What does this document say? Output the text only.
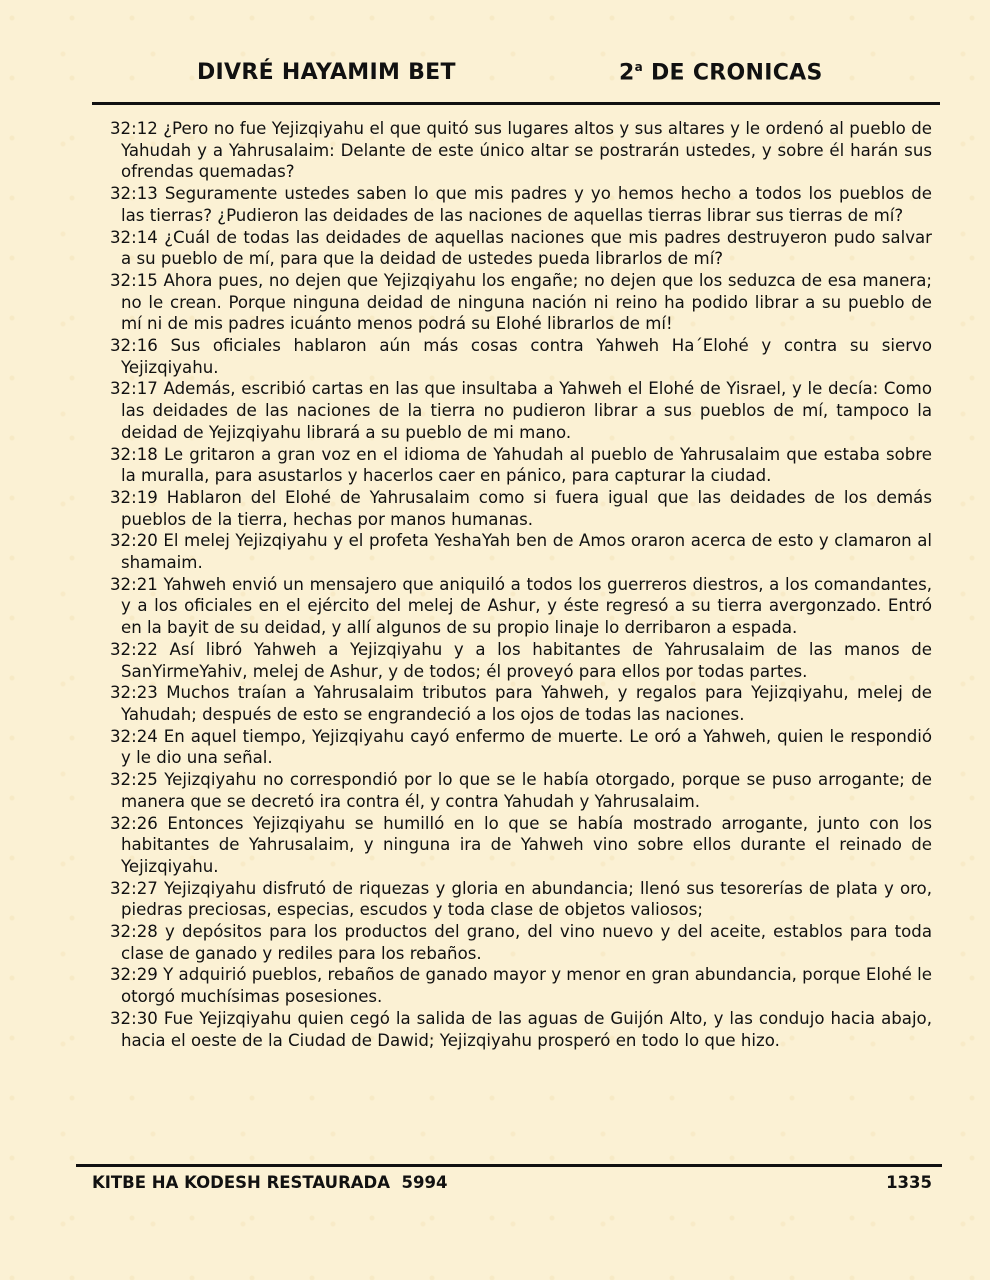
DIVRÉ HAYAMIM BET	2$^a$ DE CRONICAS

32:12 ¿Pero no fue Yejizqiyahu el que quitó sus lugares altos y sus altares y le ordenó al pueblo de Yahudah y a Yahrusalaim: Delante de este único altar se postrarán ustedes, y sobre él harán sus ofrendas quemadas?

32:13 Seguramente ustedes saben lo que mis padres y yo hemos hecho a todos los pueblos de las tierras? ¿Pudieron las deidades de las naciones de aquellas tierras librar sus tierras de mí?

32:14 ¿Cuál de todas las deidades de aquellas naciones que mis padres destruyeron pudo salvar a su pueblo de mí, para que la deidad de ustedes pueda librarlos de mí?

32:15 Ahora pues, no dejen que Yejizqiyahu los engañe; no dejen que los seduzca de esa manera; no le crean. Porque ninguna deidad de ninguna nación ni reino ha podido librar a su pueblo de mí ni de mis padres icuánto menos podrá su Elohé librarlos de mí!

32:16 Sus oficiales hablaron aún más cosas contra Yahweh Ha´Elohé y contra su siervo Yejizqiyahu.

32:17 Además, escribió cartas en las que insultaba a Yahweh el Elohé de Yisrael, y le decía: Como las deidades de las naciones de la tierra no pudieron librar a sus pueblos de mí, tampoco la deidad de Yejizqiyahu librará a su pueblo de mi mano.

32:18 Le gritaron a gran voz en el idioma de Yahudah al pueblo de Yahrusalaim que estaba sobre la muralla, para asustarlos y hacerlos caer en pánico, para capturar la ciudad.

32:19 Hablaron del Elohé de Yahrusalaim como si fuera igual que las deidades de los demás pueblos de la tierra, hechas por manos humanas.

32:20 El melej Yejizqiyahu y el profeta YeshaYah ben de Amos oraron acerca de esto y clamaron al shamaim.

32:21 Yahweh envió un mensajero que aniquiló a todos los guerreros diestros, a los comandantes, y a los oficiales en el ejército del melej de Ashur, y éste regresó a su tierra avergonzado. Entró en la bayit de su deidad, y allí algunos de su propio linaje lo derribaron a espada.

32:22 Así libró Yahweh a Yejizqiyahu y a los habitantes de Yahrusalaim de las manos de SanYirmeYahiv, melej de Ashur, y de todos; él proveyó para ellos por todas partes.

32:23 Muchos traían a Yahrusalaim tributos para Yahweh, y regalos para Yejizqiyahu, melej de Yahudah; después de esto se engrandeció a los ojos de todas las naciones.

32:24 En aquel tiempo, Yejizqiyahu cayó enfermo de muerte. Le oró a Yahweh, quien le respondió y le dio una señal.

32:25 Yejizqiyahu no correspondió por lo que se le había otorgado, porque se puso arrogante; de manera que se decretó ira contra él, y contra Yahudah y Yahrusalaim.

32:26 Entonces Yejizqiyahu se humilló en lo que se había mostrado arrogante, junto con los habitantes de Yahrusalaim, y ninguna ira de Yahweh vino sobre ellos durante el reinado de Yejizqiyahu.

32:27 Yejizqiyahu disfrutó de riquezas y gloria en abundancia; llenó sus tesorerías de plata y oro, piedras preciosas, especias, escudos y toda clase de objetos valiosos;

32:28 y depósitos para los productos del grano, del vino nuevo y del aceite, establos para toda clase de ganado y rediles para los rebaños.

32:29 Y adquirió pueblos, rebaños de ganado mayor y menor en gran abundancia, porque Elohé le otorgó muchísimas posesiones.

32:30 Fue Yejizqiyahu quien cegó la salida de las aguas de Guijón Alto, y las condujo hacia abajo, hacia el oeste de la Ciudad de Dawid; Yejizqiyahu prosperó en todo lo que hizo.

KITBE HA KODESH RESTAURADA  5994	1335
